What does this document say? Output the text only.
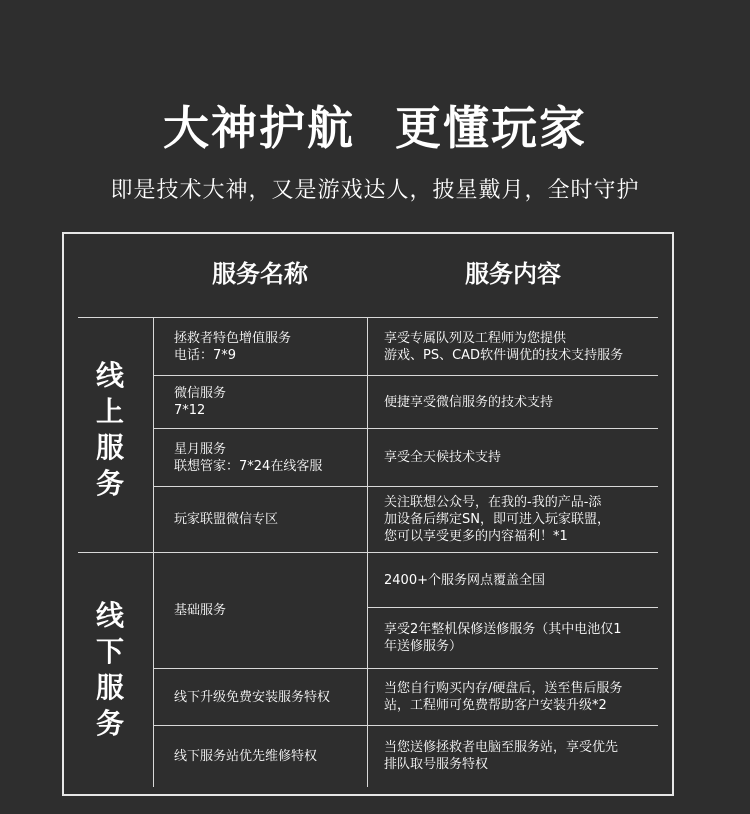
大神护航 更懂玩家
即是技术大神，又是游戏达人，披星戴月，全时守护
服务名称	服务内容
线
上
服
务
拯救者特色增值服务
电话：7*9
享受专属队列及工程师为您提供
游戏、PS、CAD软件调优的技术支持服务
微信服务
7*12
便捷享受微信服务的技术支持
星月服务
联想管家：7*24在线客服
享受全天候技术支持
玩家联盟微信专区
关注联想公众号，在我的-我的产品-添
加设备后绑定SN，即可进入玩家联盟，
您可以享受更多的内容福利！*1
线
下
服
务
基础服务
2400+个服务网点覆盖全国
享受2年整机保修送修服务（其中电池仅1
年送修服务）
线下升级免费安装服务特权
当您自行购买内存/硬盘后，送至售后服务
站，工程师可免费帮助客户安装升级*2
线下服务站优先维修特权
当您送修拯救者电脑至服务站，享受优先
排队取号服务特权
